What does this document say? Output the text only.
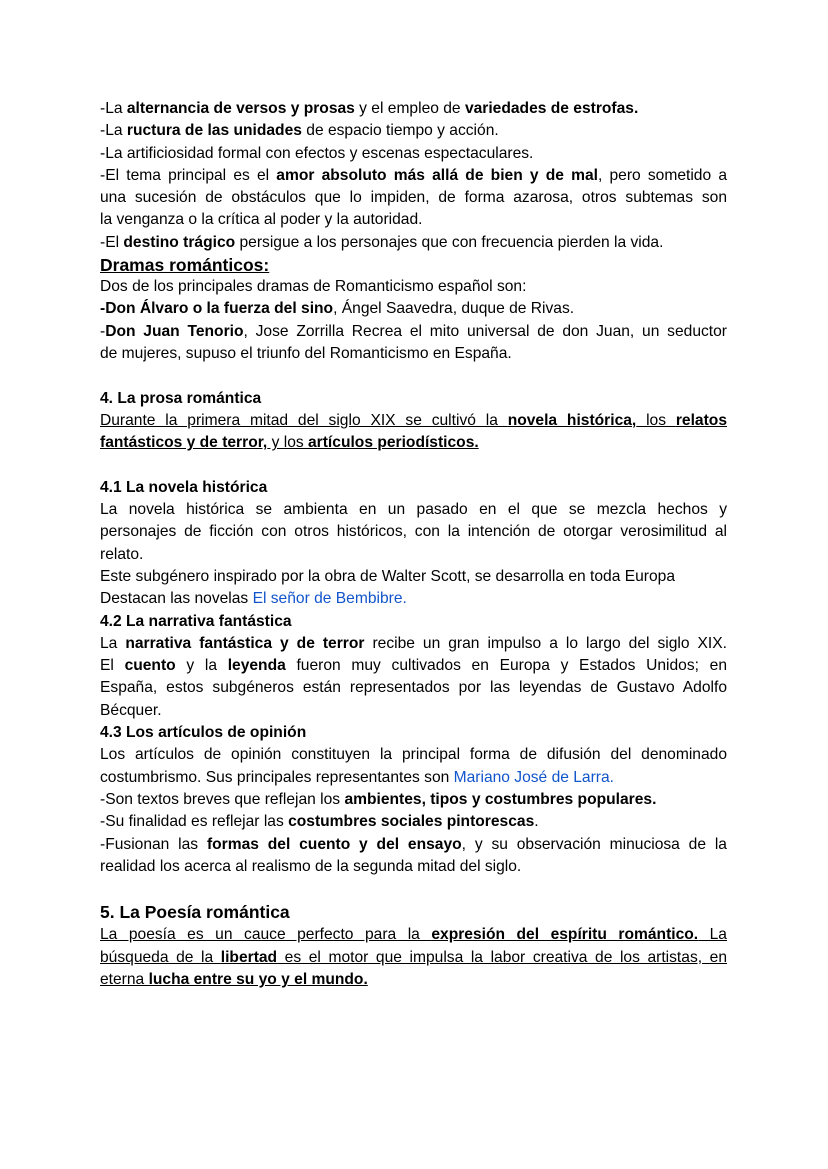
-La alternancia de versos y prosas y el empleo de variedades de estrofas.

-La ructura de las unidades de espacio tiempo y acción.

-La artificiosidad formal con efectos y escenas espectaculares.

-El tema principal es el amor absoluto más allá de bien y de mal, pero sometido a

una sucesión de obstáculos que lo impiden, de forma azarosa, otros subtemas son

la venganza o la crítica al poder y la autoridad.

-El destino trágico persigue a los personajes que con frecuencia pierden la vida.

Dramas románticos:

Dos de los principales dramas de Romanticismo español son:

-Don Álvaro o la fuerza del sino, Ángel Saavedra, duque de Rivas.

-Don Juan Tenorio, Jose Zorrilla Recrea el mito universal de don Juan, un seductor

de mujeres, supuso el triunfo del Romanticismo en España.

4. La prosa romántica

Durante la primera mitad del siglo XIX se cultivó la novela histórica, los relatos

fantásticos y de terror, y los artículos periodísticos.

4.1 La novela histórica

La novela histórica se ambienta en un pasado en el que se mezcla hechos y

personajes de ficción con otros históricos, con la intención de otorgar verosimilitud al

relato.

Este subgénero inspirado por la obra de Walter Scott, se desarrolla en toda Europa

Destacan las novelas El señor de Bembibre.

4.2 La narrativa fantástica

La narrativa fantástica y de terror recibe un gran impulso a lo largo del siglo XIX.

El cuento y la leyenda fueron muy cultivados en Europa y Estados Unidos; en

España, estos subgéneros están representados por las leyendas de Gustavo Adolfo

Bécquer.

4.3 Los artículos de opinión

Los artículos de opinión constituyen la principal forma de difusión del denominado

costumbrismo. Sus principales representantes son Mariano José de Larra.

-Son textos breves que reflejan los ambientes, tipos y costumbres populares.

-Su finalidad es reflejar las costumbres sociales pintorescas.

-Fusionan las formas del cuento y del ensayo, y su observación minuciosa de la

realidad los acerca al realismo de la segunda mitad del siglo.

5. La Poesía romántica

La poesía es un cauce perfecto para la expresión del espíritu romántico. La

búsqueda de la libertad es el motor que impulsa la labor creativa de los artistas, en

eterna lucha entre su yo y el mundo.
